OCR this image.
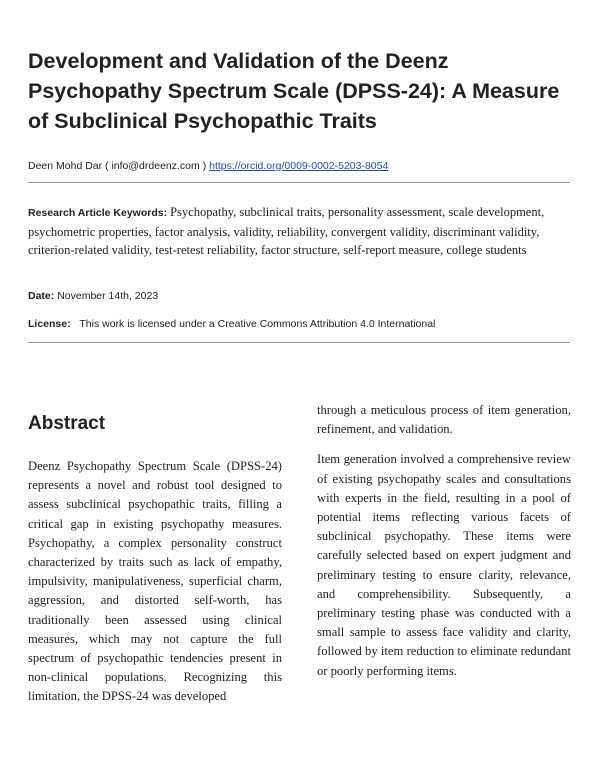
Development and Validation of the Deenz Psychopathy Spectrum Scale (DPSS-24): A Measure of Subclinical Psychopathic Traits
Deen Mohd Dar ( info@drdeenz.com ) https://orcid.org/0009-0002-5203-8054
Research Article Keywords: Psychopathy, subclinical traits, personality assessment, scale development, psychometric properties, factor analysis, validity, reliability, convergent validity, discriminant validity, criterion-related validity, test-retest reliability, factor structure, self-report measure, college students
Date: November 14th, 2023
License: This work is licensed under a Creative Commons Attribution 4.0 International
Abstract

Deenz Psychopathy Spectrum Scale (DPSS-24) represents a novel and robust tool designed to assess subclinical psychopathic traits, filling a critical gap in existing psychopathy measures. Psychopathy, a complex personality construct characterized by traits such as lack of empathy, impulsivity, manipulativeness, superficial charm, aggression, and distorted self-worth, has traditionally been assessed using clinical measures, which may not capture the full spectrum of psychopathic tendencies present in non-clinical populations. Recognizing this limitation, the DPSS-24 was developed

through a meticulous process of item generation, refinement, and validation.

Item generation involved a comprehensive review of existing psychopathy scales and consultations with experts in the field, resulting in a pool of potential items reflecting various facets of subclinical psychopathy. These items were carefully selected based on expert judgment and preliminary testing to ensure clarity, relevance, and comprehensibility. Subsequently, a preliminary testing phase was conducted with a small sample to assess face validity and clarity, followed by item reduction to eliminate redundant or poorly performing items.
